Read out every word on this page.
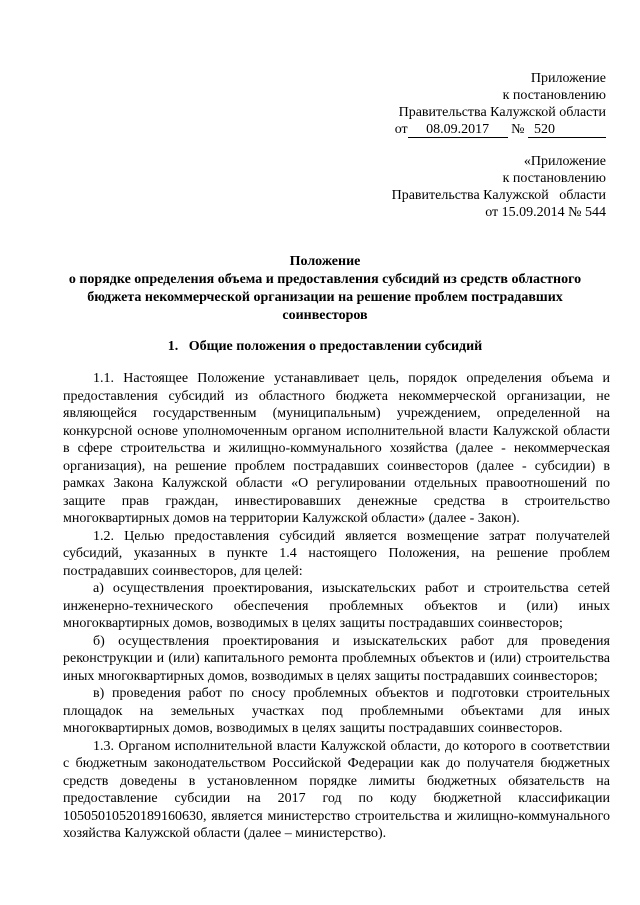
Приложение
к постановлению
Правительства Калужской области
от 08.09.2017 № 520
«Приложение
к постановлению
Правительства Калужской   области
от 15.09.2014 № 544
Положение
о порядке определения объема и предоставления субсидий из средств областного
бюджета некоммерческой организации на решение проблем пострадавших
соинвесторов
1.   Общие положения о предоставлении субсидий

1.1. Настоящее Положение устанавливает цель, порядок определения объема и предоставления субсидий из областного бюджета некоммерческой организации, не являющейся государственным (муниципальным) учреждением, определенной на конкурсной основе уполномоченным органом исполнительной власти Калужской области в сфере строительства и жилищно-коммунального хозяйства (далее - некоммерческая организация), на решение проблем пострадавших соинвесторов (далее - субсидии) в рамках Закона Калужской области «О регулировании отдельных правоотношений по защите прав граждан, инвестировавших денежные средства в строительство многоквартирных домов на территории Калужской области» (далее - Закон).

1.2. Целью предоставления субсидий является возмещение затрат получателей субсидий, указанных в пункте 1.4 настоящего Положения, на решение проблем пострадавших соинвесторов, для целей:

а) осуществления проектирования, изыскательских работ и строительства сетей инженерно-технического обеспечения проблемных объектов и (или) иных многоквартирных домов, возводимых в целях защиты пострадавших соинвесторов;

б) осуществления проектирования и изыскательских работ для проведения реконструкции и (или) капитального ремонта проблемных объектов и (или) строительства иных многоквартирных домов, возводимых в целях защиты пострадавших соинвесторов;

в) проведения работ по сносу проблемных объектов и подготовки строительных площадок на земельных участках под проблемными объектами для иных многоквартирных домов, возводимых в целях защиты пострадавших соинвесторов.

1.3. Органом исполнительной власти Калужской области, до которого в соответствии с бюджетным законодательством Российской Федерации как до получателя бюджетных средств доведены в установленном порядке лимиты бюджетных обязательств на предоставление субсидии на 2017 год по коду бюджетной классификации 10505010520189160630, является министерство строительства и жилищно-коммунального хозяйства Калужской области (далее – министерство).
